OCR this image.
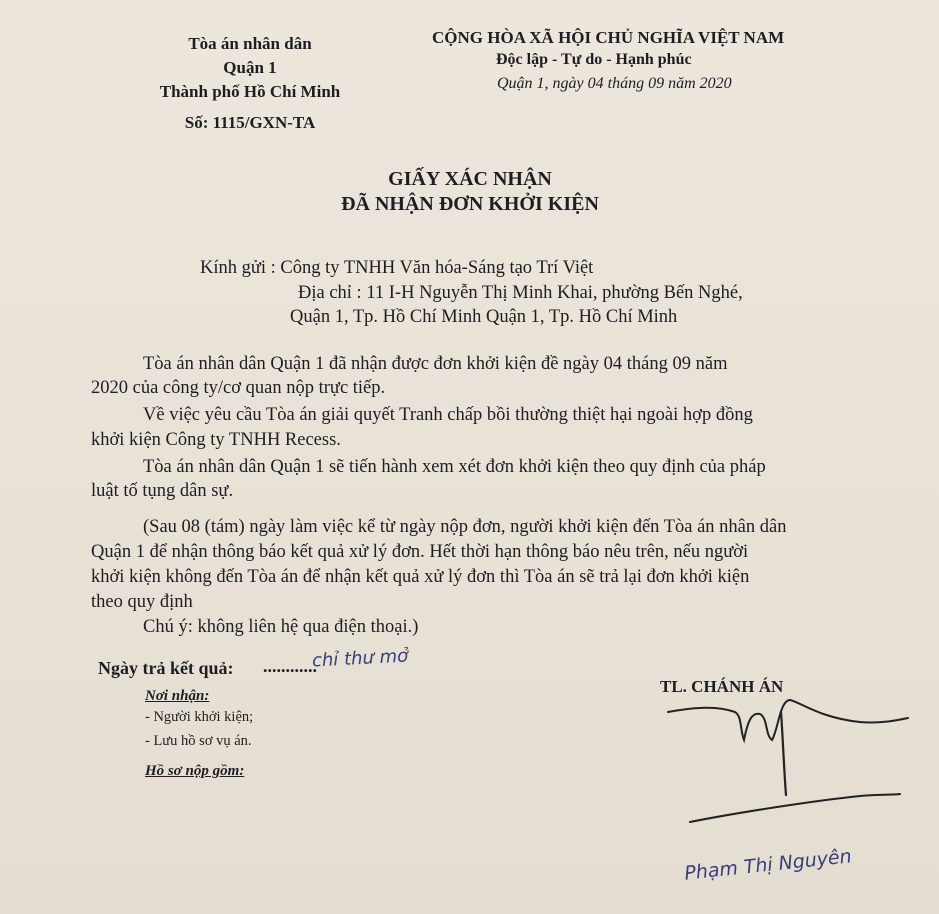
Tòa án nhân dân
Quận 1
Thành phố Hồ Chí Minh
Số: 1115/GXN-TA
CỘNG HÒA XÃ HỘI CHỦ NGHĨA VIỆT NAM
Độc lập - Tự do - Hạnh phúc
Quận 1, ngày 04 tháng 09 năm 2020
GIẤY XÁC NHẬN
ĐÃ NHẬN ĐƠN KHỞI KIỆN
Kính gửi : Công ty TNHH Văn hóa-Sáng tạo Trí Việt
Địa chỉ : 11 I-H Nguyễn Thị Minh Khai, phường Bến Nghé,
Quận 1, Tp. Hồ Chí Minh Quận 1, Tp. Hồ Chí Minh
Tòa án nhân dân Quận 1 đã nhận được đơn khởi kiện đề ngày 04 tháng 09 năm
2020 của công ty/cơ quan nộp trực tiếp.
Về việc yêu cầu Tòa án giải quyết Tranh chấp bồi thường thiệt hại ngoài hợp đồng
khởi kiện Công ty TNHH Recess.
Tòa án nhân dân Quận 1 sẽ tiến hành xem xét đơn khởi kiện theo quy định của pháp
luật tố tụng dân sự.
(Sau 08 (tám) ngày làm việc kể từ ngày nộp đơn, người khởi kiện đến Tòa án nhân dân
Quận 1 để nhận thông báo kết quả xử lý đơn. Hết thời hạn thông báo nêu trên, nếu người
khởi kiện không đến Tòa án để nhận kết quả xử lý đơn thì Tòa án sẽ trả lại đơn khởi kiện
theo quy định
Chú ý: không liên hệ qua điện thoại.)
Ngày trả kết quả: ............
chỉ thư mở
Nơi nhận:
- Người khởi kiện;
- Lưu hồ sơ vụ án.
Hồ sơ nộp gồm:
TL. CHÁNH ÁN
Phạm Thị Nguyên
